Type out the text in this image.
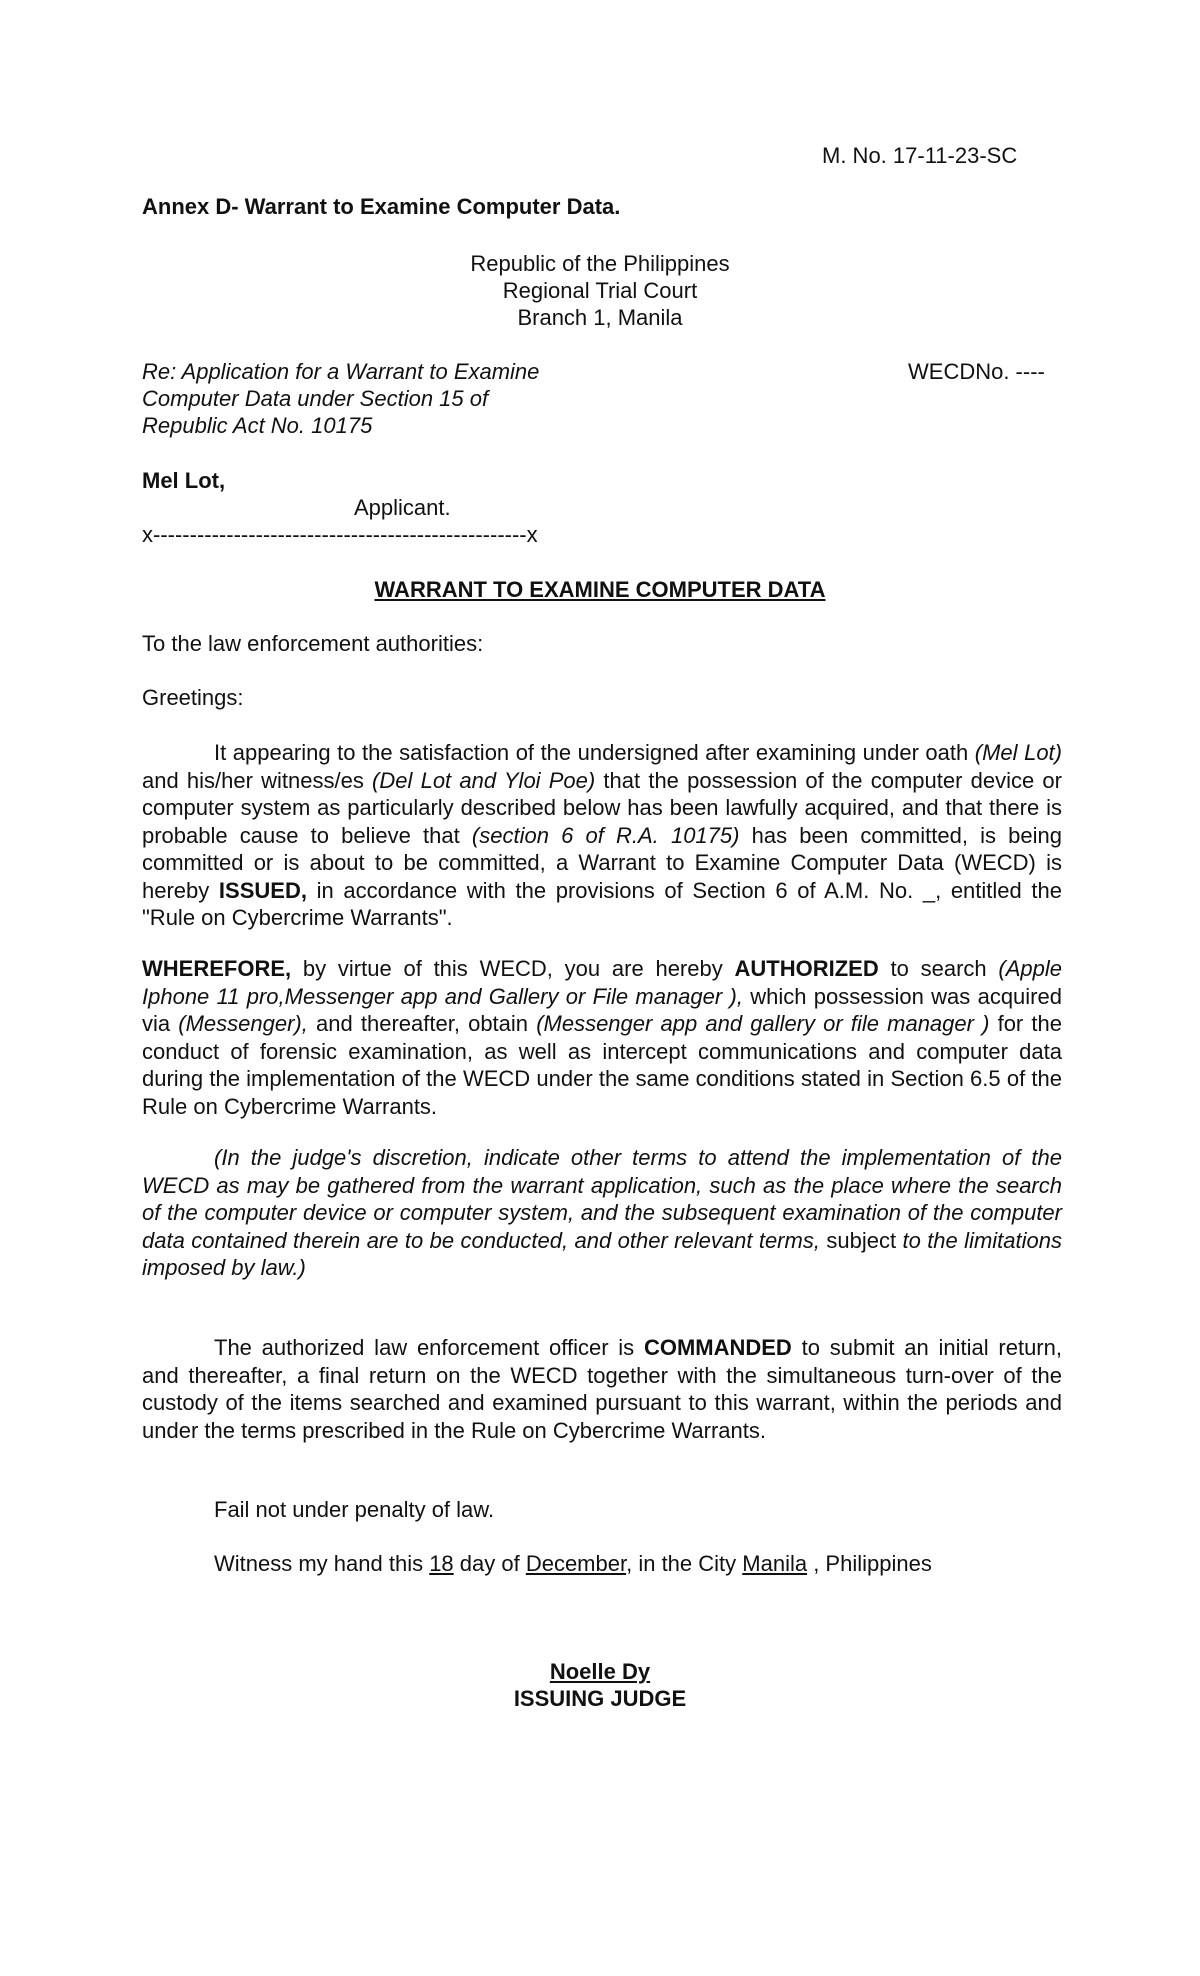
M. No. 17-11-23-SC
Annex D- Warrant to Examine Computer Data.
Republic of the Philippines
Regional Trial Court
Branch 1, Manila
Re: Application for a Warrant to Examine
Computer Data under Section 15 of
Republic Act No. 10175
WECDNo. ----
Mel Lot,
Applicant.
x---------------------------------------------------x
WARRANT TO EXAMINE COMPUTER DATA
To the law enforcement authorities:
Greetings:
It appearing to the satisfaction of the undersigned after examining under oath (Mel Lot) and his/her witness/es (Del Lot and Yloi Poe) that the possession of the computer device or computer system as particularly described below has been lawfully acquired, and that there is probable cause to believe that (section 6 of R.A. 10175) has been committed, is being committed or is about to be committed, a Warrant to Examine Computer Data (WECD) is hereby ISSUED, in accordance with the provisions of Section 6 of A.M. No. _, entitled the "Rule on Cybercrime Warrants".
WHEREFORE, by virtue of this WECD, you are hereby AUTHORIZED to search (Apple Iphone 11 pro,Messenger app and Gallery or File manager ), which possession was acquired via (Messenger), and thereafter, obtain (Messenger app and gallery or file manager ) for the conduct of forensic examination, as well as intercept communications and computer data during the implementation of the WECD under the same conditions stated in Section 6.5 of the Rule on Cybercrime Warrants.
(In the judge's discretion, indicate other terms to attend the implementation of the WECD as may be gathered from the warrant application, such as the place where the search of the computer device or computer system, and the subsequent examination of the computer data contained therein are to be conducted, and other relevant terms, subject to the limitations imposed by law.)
The authorized law enforcement officer is COMMANDED to submit an initial return, and thereafter, a final return on the WECD together with the simultaneous turn-over of the custody of the items searched and examined pursuant to this warrant, within the periods and under the terms prescribed in the Rule on Cybercrime Warrants.
Fail not under penalty of law.
Witness my hand this 18 day of December, in the City Manila , Philippines
Noelle Dy
ISSUING JUDGE
